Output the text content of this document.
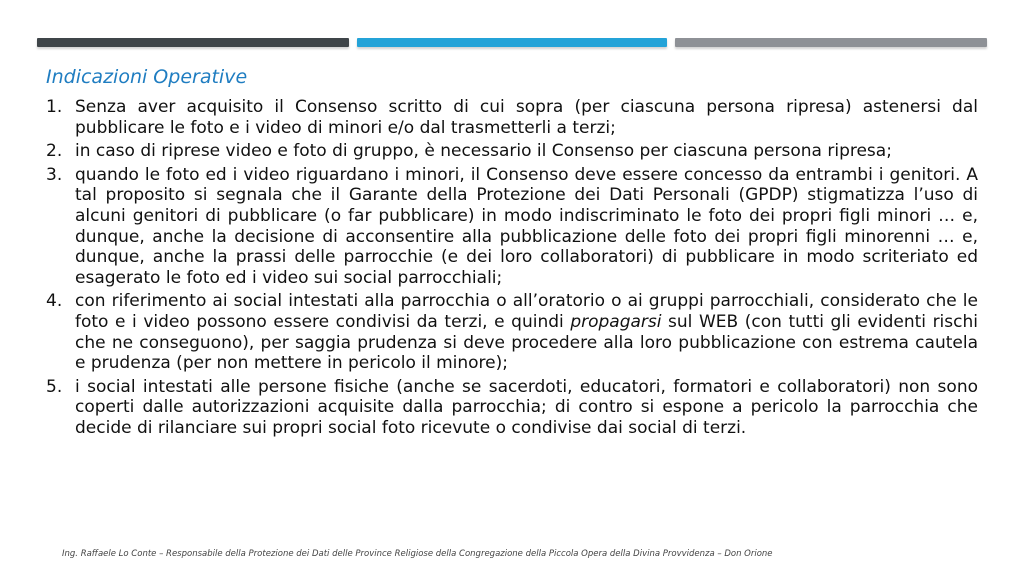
Indicazioni Operative
1. Senza aver acquisito il Consenso scritto di cui sopra (per ciascuna persona ripresa) astenersi dal pubblicare le foto e i video di minori e/o dal trasmetterli a terzi;
2. in caso di riprese video e foto di gruppo, è necessario il Consenso per ciascuna persona ripresa;
3. quando le foto ed i video riguardano i minori, il Consenso deve essere concesso da entrambi i genitori. A tal proposito si segnala che il Garante della Protezione dei Dati Personali (GPDP) stigmatizza l’uso di alcuni genitori di pubblicare (o far pubblicare) in modo indiscriminato le foto dei propri figli minori … e, dunque, anche la decisione di acconsentire alla pubblicazione delle foto dei propri figli minorenni … e, dunque, anche la prassi delle parrocchie (e dei loro collaboratori) di pubblicare in modo scriteriato ed esagerato le foto ed i video sui social parrocchiali;
4. con riferimento ai social intestati alla parrocchia o all’oratorio o ai gruppi parrocchiali, considerato che le foto e i video possono essere condivisi da terzi, e quindi propagarsi sul WEB (con tutti gli evidenti rischi che ne conseguono), per saggia prudenza si deve procedere alla loro pubblicazione con estrema cautela e prudenza (per non mettere in pericolo il minore);
5. i social intestati alle persone fisiche (anche se sacerdoti, educatori, formatori e collaboratori) non sono coperti dalle autorizzazioni acquisite dalla parrocchia; di contro si espone a pericolo la parrocchia che decide di rilanciare sui propri social foto ricevute o condivise dai social di terzi.
Ing. Raffaele Lo Conte – Responsabile della Protezione dei Dati delle Province Religiose della Congregazione della Piccola Opera della Divina Provvidenza – Don Orione
